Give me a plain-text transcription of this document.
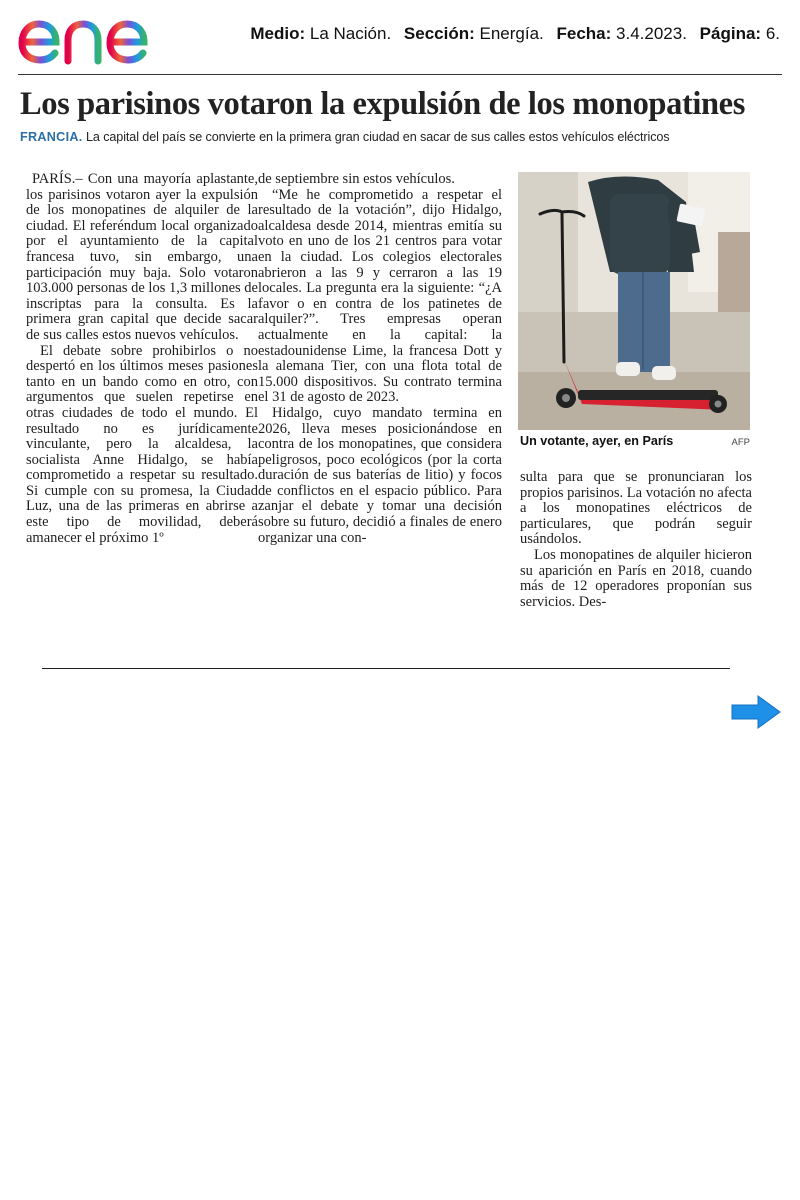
Medio: La Nación. Sección: Energía. Fecha: 3.4.2023. Página: 6.
Los parisinos votaron la expulsión de los monopatines
FRANCIA. La capital del país se convierte en la primera gran ciudad en sacar de sus calles estos vehículos eléctricos

PARÍS.– Con una mayoría aplastante, los parisinos votaron ayer la expulsión de los monopatines de alquiler de la ciudad. El referéndum local organizado por el ayuntamiento de la capital francesa tuvo, sin embargo, una participación muy baja. Solo votaron 103.000 personas de los 1,3 millones de inscriptas para la consulta. Es la primera gran capital que decide sacar de sus calles estos nuevos vehículos.

El debate sobre prohibirlos o no despertó en los últimos meses pasiones tanto en un bando como en otro, con argumentos que suelen repetirse en otras ciudades de todo el mundo. El resultado no es jurídicamente vinculante, pero la alcaldesa, la socialista Anne Hidalgo, se había comprometido a respetar su resultado. Si cumple con su promesa, la Ciudad Luz, una de las primeras en abrirse a este tipo de movilidad, deberá amanecer el próximo 1º

de septiembre sin estos vehículos.

“Me he comprometido a respetar el resultado de la votación”, dijo Hidalgo, alcaldesa desde 2014, mientras emitía su voto en uno de los 21 centros para votar en la ciudad. Los colegios electorales abrieron a las 9 y cerraron a las 19 locales. La pregunta era la siguiente: “¿A favor o en contra de los patinetes de alquiler?”. Tres empresas operan actualmente en la capital: la estadounidense Lime, la francesa Dott y la alemana Tier, con una flota total de 15.000 dispositivos. Su contrato termina el 31 de agosto de 2023.

Hidalgo, cuyo mandato termina en 2026, lleva meses posicionándose en contra de los monopatines, que considera peligrosos, poco ecológicos (por la corta duración de sus baterías de litio) y focos de conflictos en el espacio público. Para zanjar el debate y tomar una decisión sobre su futuro, decidió a finales de enero organizar una con-

Un votante, ayer, en París	AFP

sulta para que se pronunciaran los propios parisinos. La votación no afecta a los monopatines eléctricos de particulares, que podrán seguir usándolos.

Los monopatines de alquiler hicieron su aparición en París en 2018, cuando más de 12 operadores proponían sus servicios. Des-
